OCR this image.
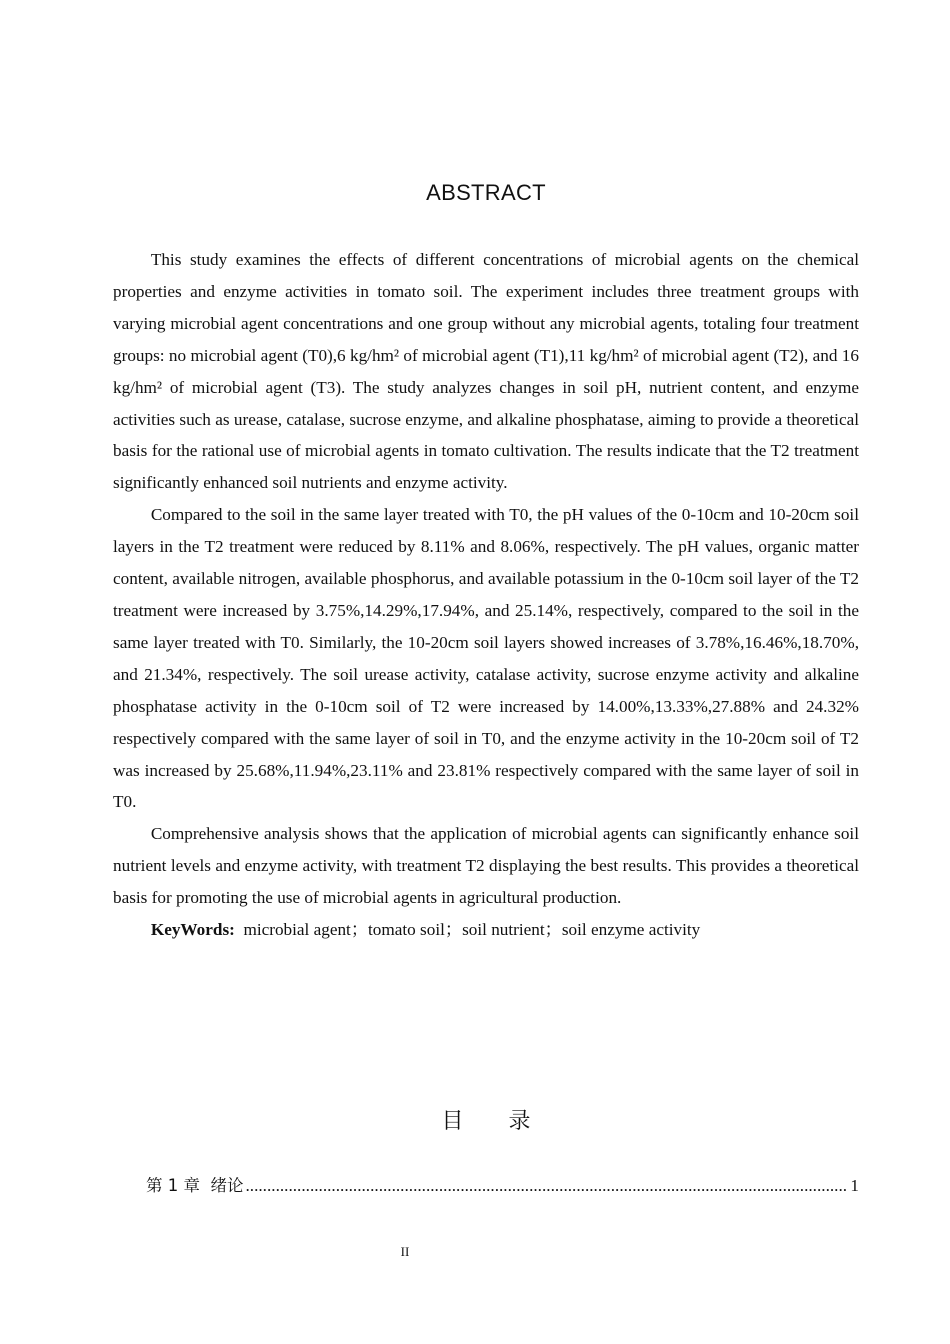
ABSTRACT

This study examines the effects of different concentrations of microbial agents on the chemical properties and enzyme activities in tomato soil. The experiment includes three treatment groups with varying microbial agent concentrations and one group without any microbial agents, totaling four treatment groups: no microbial agent (T0),6 kg/hm² of microbial agent (T1),11 kg/hm² of microbial agent (T2), and 16 kg/hm² of microbial agent (T3). The study analyzes changes in soil pH, nutrient content, and enzyme activities such as urease, catalase, sucrose enzyme, and alkaline phosphatase, aiming to provide a theoretical basis for the rational use of microbial agents in tomato cultivation. The results indicate that the T2 treatment significantly enhanced soil nutrients and enzyme activity.

Compared to the soil in the same layer treated with T0, the pH values of the 0-10cm and 10-20cm soil layers in the T2 treatment were reduced by 8.11% and 8.06%, respectively. The pH values, organic matter content, available nitrogen, available phosphorus, and available potassium in the 0-10cm soil layer of the T2 treatment were increased by 3.75%,14.29%,17.94%, and 25.14%, respectively, compared to the soil in the same layer treated with T0. Similarly, the 10-20cm soil layers showed increases of 3.78%,16.46%,18.70%, and 21.34%, respectively. The soil urease activity, catalase activity, sucrose enzyme activity and alkaline phosphatase activity in the 0-10cm soil of T2 were increased by 14.00%,13.33%,27.88% and 24.32% respectively compared with the same layer of soil in T0, and the enzyme activity in the 10-20cm soil of T2 was increased by 25.68%,11.94%,23.11% and 23.81% respectively compared with the same layer of soil in T0.

Comprehensive analysis shows that the application of microbial agents can significantly enhance soil nutrient levels and enzyme activity, with treatment T2 displaying the best results. This provides a theoretical basis for promoting the use of microbial agents in agricultural production.

KeyWords: microbial agent；tomato soil；soil nutrient；soil enzyme activity

目 录
第 1 章  绪论
.....	1
II
